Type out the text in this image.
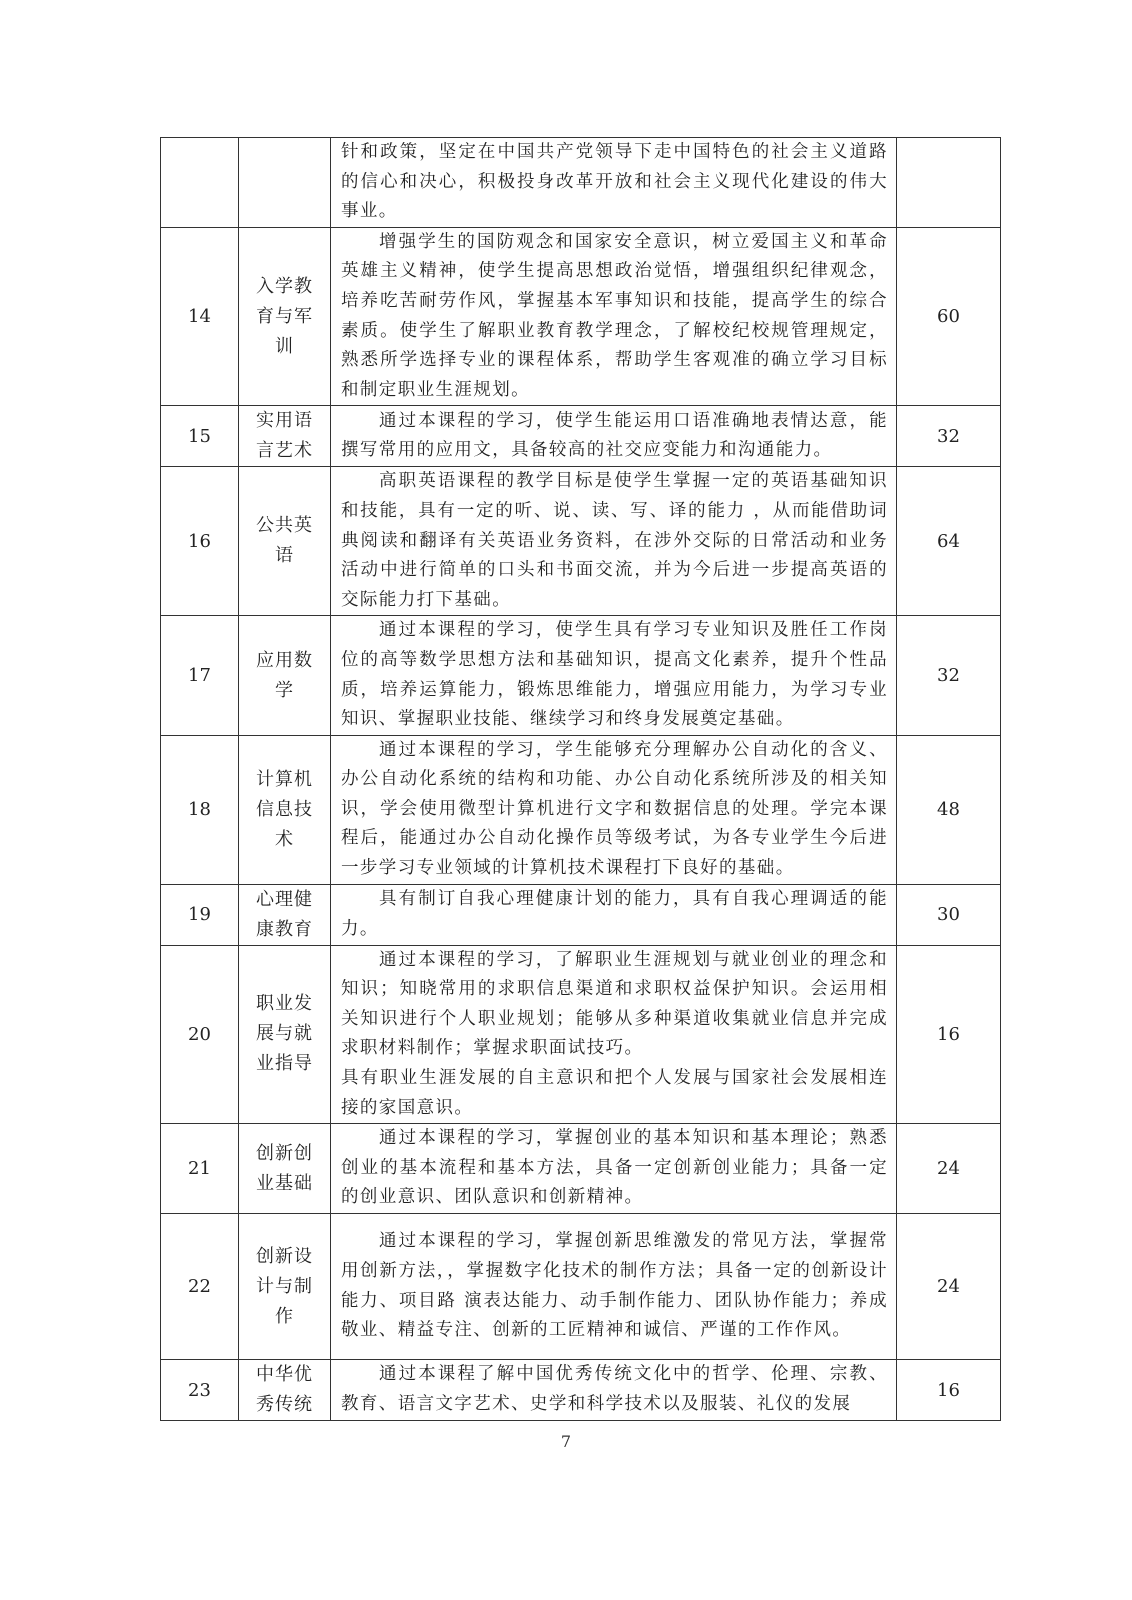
		针和政策，坚定在中国共产党领导下走中国特色的社会主义道路的信心和决心，积极投身改革开放和社会主义现代化建设的伟大事业。	

14	入学教育与军训	增强学生的国防观念和国家安全意识，树立爱国主义和革命英雄主义精神，使学生提高思想政治觉悟，增强组织纪律观念，培养吃苦耐劳作风，掌握基本军事知识和技能，提高学生的综合素质。使学生了解职业教育教学理念，了解校纪校规管理规定，熟悉所学选择专业的课程体系，帮助学生客观准的确立学习目标和制定职业生涯规划。	60
15	实用语言艺术	通过本课程的学习，使学生能运用口语准确地表情达意，能撰写常用的应用文，具备较高的社交应变能力和沟通能力。	32
16	公共英语	高职英语课程的教学目标是使学生掌握一定的英语基础知识和技能，具有一定的听、说、读、写、译的能力 ，从而能借助词典阅读和翻译有关英语业务资料，在涉外交际的日常活动和业务活动中进行简单的口头和书面交流，并为今后进一步提高英语的交际能力打下基础。	64
17	应用数学	通过本课程的学习，使学生具有学习专业知识及胜任工作岗位的高等数学思想方法和基础知识，提高文化素养，提升个性品质，培养运算能力，锻炼思维能力，增强应用能力，为学习专业知识、掌握职业技能、继续学习和终身发展奠定基础。	32
18	计算机信息技术	通过本课程的学习，学生能够充分理解办公自动化的含义、办公自动化系统的结构和功能、办公自动化系统所涉及的相关知识，学会使用微型计算机进行文字和数据信息的处理。学完本课程后，能通过办公自动化操作员等级考试，为各专业学生今后进一步学习专业领域的计算机技术课程打下良好的基础。	48
19	心理健康教育	具有制订自我心理健康计划的能力，具有自我心理调适的能力。	30
20	职业发展与就业指导	通过本课程的学习，了解职业生涯规划与就业创业的理念和知识；知晓常用的求职信息渠道和求职权益保护知识。会运用相关知识进行个人职业规划；能够从多种渠道收集就业信息并完成求职材料制作；掌握求职面试技巧。
具有职业生涯发展的自主意识和把个人发展与国家社会发展相连接的家国意识。	16
21	创新创业基础	通过本课程的学习，掌握创业的基本知识和基本理论；熟悉创业的基本流程和基本方法，具备一定创新创业能力；具备一定的创业意识、团队意识和创新精神。	24
22	创新设计与制作	通过本课程的学习，掌握创新思维激发的常见方法，掌握常用创新方法，，掌握数字化技术的制作方法；具备一定的创新设计能力、项目路 演表达能力、动手制作能力、团队协作能力；养成敬业、精益专注、创新的工匠精神和诚信、严谨的工作作风。	24
23	中华优秀传统	通过本课程了解中国优秀传统文化中的哲学、伦理、宗教、教育、语言文字艺术、史学和科学技术以及服装、礼仪的发展	16
7
